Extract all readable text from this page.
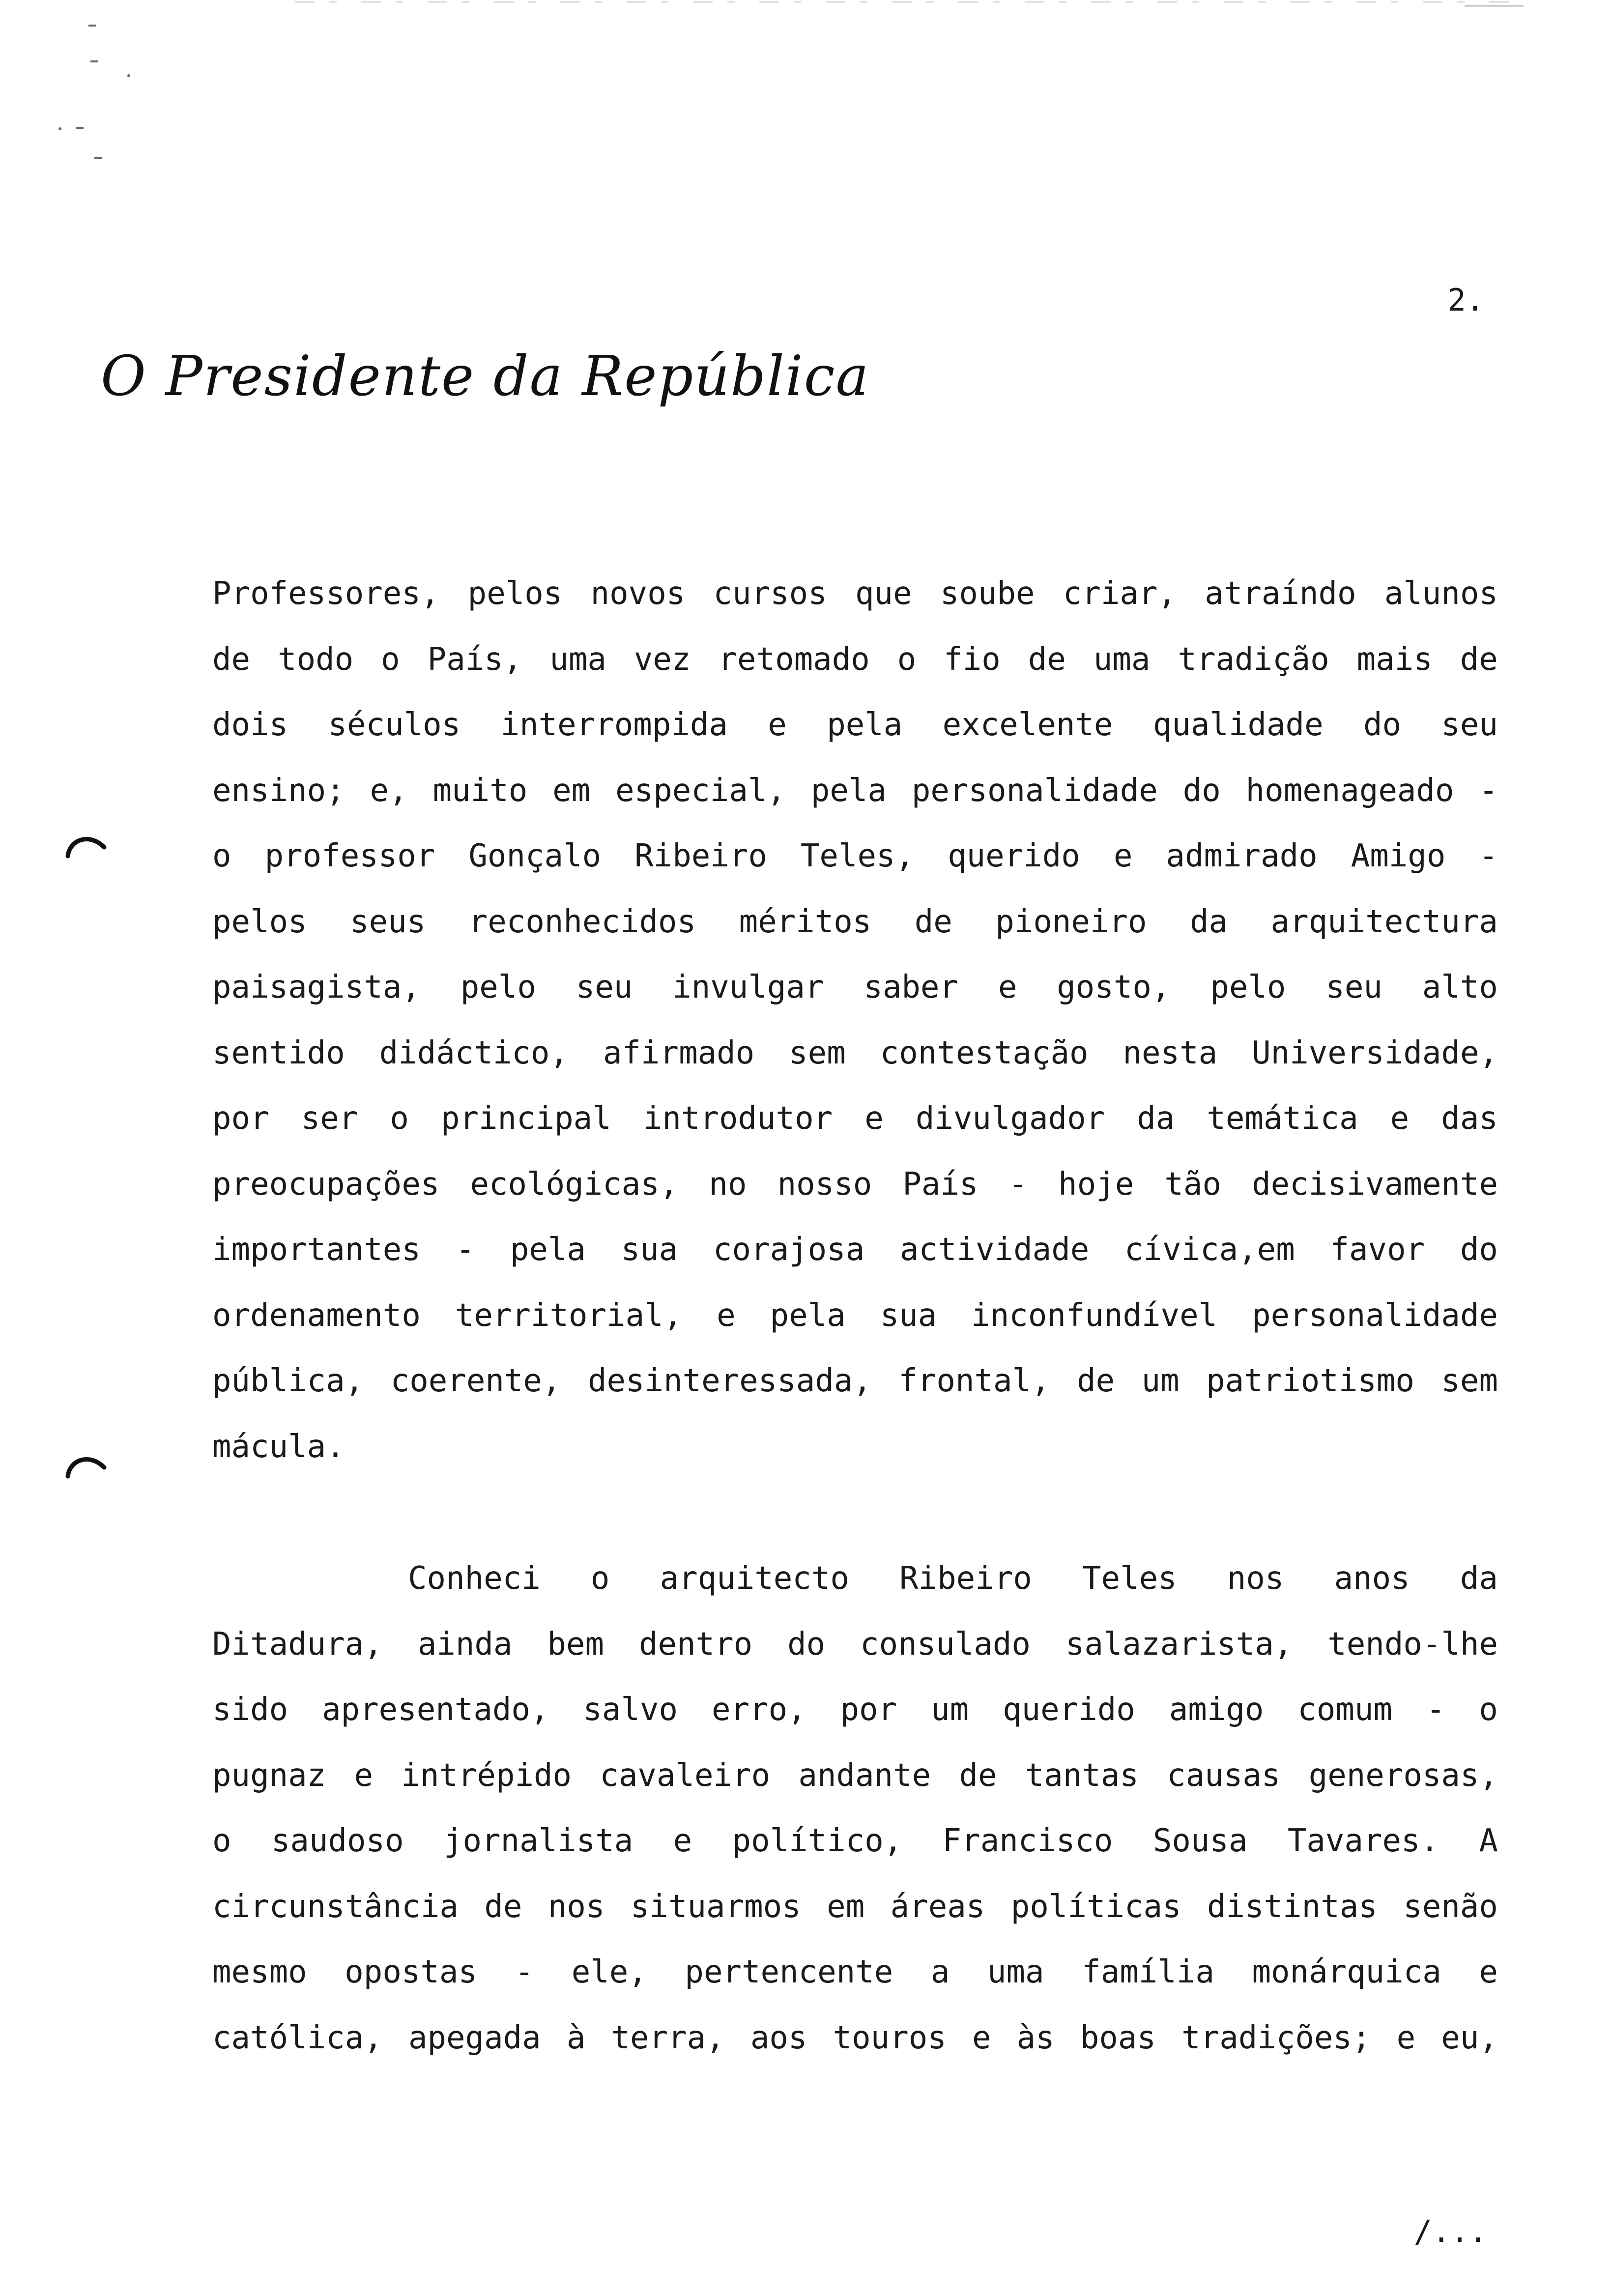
2.
O Presidente da República
Professores, pelos novos cursos que soube criar, atraíndo alunos
de todo o País, uma vez retomado o fio de uma tradição mais de
dois séculos interrompida e pela excelente qualidade do seu
ensino; e, muito em especial, pela personalidade do homenageado -
o professor Gonçalo Ribeiro Teles, querido e admirado Amigo -
pelos seus reconhecidos méritos de pioneiro da arquitectura
paisagista, pelo seu invulgar saber e gosto, pelo seu alto
sentido didáctico, afirmado sem contestação nesta Universidade,
por ser o principal introdutor e divulgador da temática e das
preocupações ecológicas, no nosso País - hoje tão decisivamente
importantes - pela sua corajosa actividade cívica,em favor do
ordenamento territorial, e pela sua inconfundível personalidade
pública, coerente, desinteressada, frontal, de um patriotismo sem
mácula.
Conheci o arquitecto Ribeiro Teles nos anos da
Ditadura, ainda bem dentro do consulado salazarista, tendo-lhe
sido apresentado, salvo erro, por um querido amigo comum - o
pugnaz e intrépido cavaleiro andante de tantas causas generosas,
o saudoso jornalista e político, Francisco Sousa Tavares. A
circunstância de nos situarmos em áreas políticas distintas senão
mesmo opostas - ele, pertencente a uma família monárquica e
católica, apegada à terra, aos touros e às boas tradições; e eu,
/...
